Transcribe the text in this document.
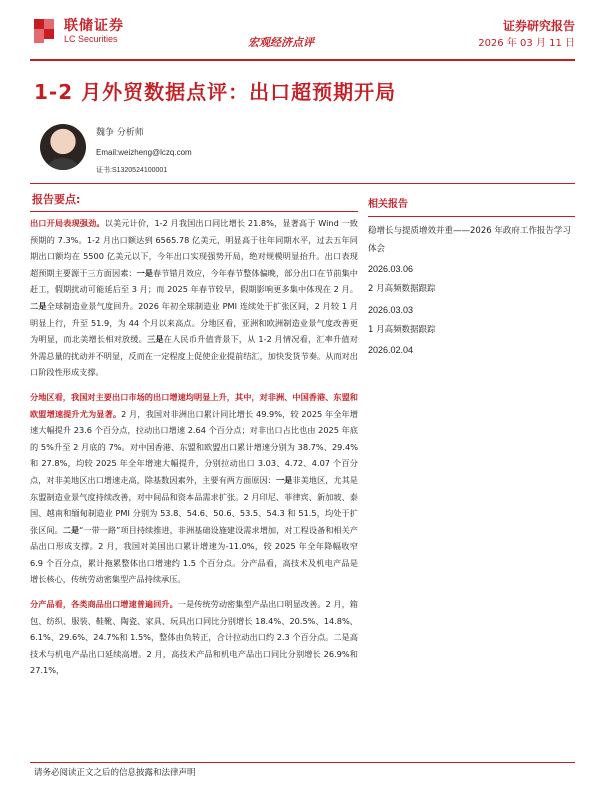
联储证券
LC Securities	宏观经济点评
证券研究报告
2026 年 03 月 11 日
1-2 月外贸数据点评：出口超预期开局
魏争 分析师
Email:weizheng@lczq.com
证书:S1320524100001
报告要点:

出口开局表现强劲。以美元计价，1-2 月我国出口同比增长 21.8%，显著高于 Wind 一致预期的 7.3%。1-2 月出口额达到 6565.78 亿美元，明显高于往年同期水平，过去五年同期出口额均在 5500 亿美元以下，今年出口实现强势开局，绝对规模明显抬升。出口表现超预期主要源于三方面因素：一是春节错月效应，今年春节整体偏晚，部分出口在节前集中赶工，假期扰动可能延后至 3 月；而 2025 年春节较早，假期影响更多集中体现在 2 月。二是全球制造业景气度回升。2026 年初全球制造业 PMI 连续处于扩张区间，2 月较 1 月明显上行，升至 51.9，为 44 个月以来高点。分地区看，亚洲和欧洲制造业景气度改善更为明显，而北美增长相对放缓。三是在人民币升值背景下，从 1-2 月情况看，汇率升值对外需总量的扰动并不明显，反而在一定程度上促使企业提前结汇，加快发货节奏。从而对出口阶段性形成支撑。

分地区看，我国对主要出口市场的出口增速均明显上升，其中，对非洲、中国香港、东盟和欧盟增速提升尤为显著。2 月，我国对非洲出口累计同比增长 49.9%，较 2025 年全年增速大幅提升 23.6 个百分点，拉动出口增速 2.64 个百分点；对非出口占比也由 2025 年底的 5%升至 2 月底的 7%。对中国香港、东盟和欧盟出口累计增速分别为 38.7%、29.4%和 27.8%，均较 2025 年全年增速大幅提升，分别拉动出口 3.03、4.72、4.07 个百分点，对非美地区出口增速走高，除基数因素外，主要有两方面原因：一是非美地区，尤其是东盟制造业景气度持续改善，对中间品和资本品需求扩张。2 月印尼、菲律宾、新加坡、泰国、越南和缅甸制造业 PMI 分别为 53.8、54.6、50.6、53.5、54.3 和 51.5，均处于扩张区间。二是“一带一路”项目持续推进，非洲基础设施建设需求增加，对工程设备和相关产品出口形成支撑。2 月，我国对美国出口累计增速为-11.0%，较 2025 年全年降幅收窄 6.9 个百分点，累计拖累整体出口增速约 1.5 个百分点。分产品看，高技术及机电产品是增长核心，传统劳动密集型产品持续承压。

分产品看，各类商品出口增速普遍回升。一是传统劳动密集型产品出口明显改善。2 月，箱包、纺织、服装、鞋靴、陶瓷、家具、玩具出口同比分别增长 18.4%、20.5%、14.8%、6.1%、29.6%、24.7%和 1.5%，整体由负转正，合计拉动出口约 2.3 个百分点。二是高技术与机电产品出口延续高增。2 月，高技术产品和机电产品出口同比分别增长 26.9%和 27.1%，

相关报告
稳增长与提质增效并重——2026 年政府工作报告学习体会
2026.03.06
2 月高频数据跟踪
2026.03.03
1 月高频数据跟踪
2026.02.04
请务必阅读正文之后的信息披露和法律声明
